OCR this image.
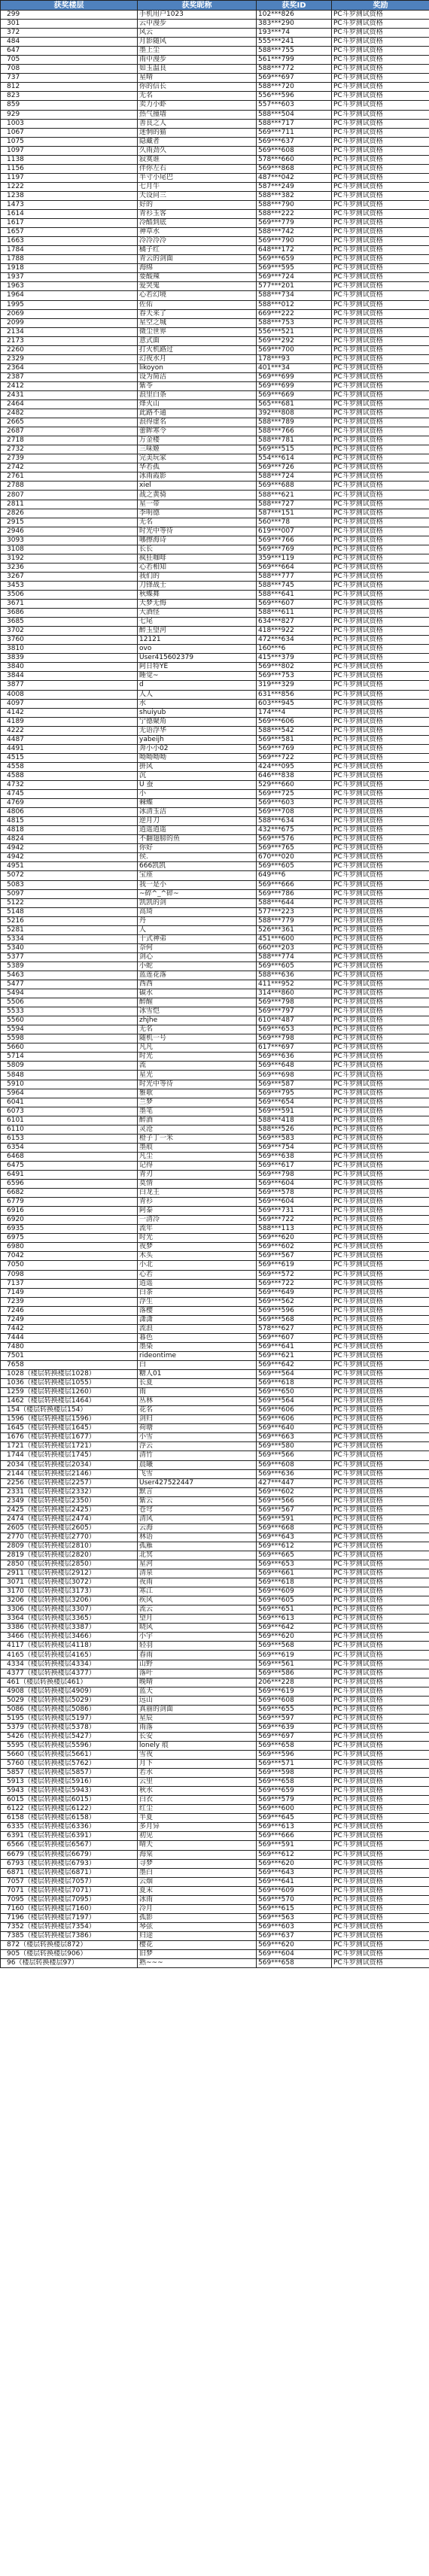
获奖楼层	获奖昵称	获奖ID	奖励
299	手机用户1023	102***826	PC斗罗测试资格
301	云中漫步	383***290	PC斗罗测试资格
372	风云	193***74	PC斗罗测试资格
484	月影随风	555***241	PC斗罗测试资格
647	墨上尘	588***755	PC斗罗测试资格
705	雨中漫步	561***799	PC斗罗测试资格
708	如玉温良	588***772	PC斗罗测试资格
737	星晴	569***697	PC斗罗测试资格
812	你的信长	588***720	PC斗罗测试资格
823	无名	556***596	PC斗罗测试资格
859	卖力小虾	557***603	PC斗罗测试资格
929	热气撞墙	588***504	PC斗罗测试资格
1003	善良之人	588***717	PC斗罗测试资格
1067	迷惘的猫	569***711	PC斗罗测试资格
1075	隐藏者	569***637	PC斗罗测试资格
1097	久雨劲久	569***608	PC斗罗测试资格
1138	寂寞谁	578***660	PC斗罗测试资格
1156	伴你左右	569***868	PC斗罗测试资格
1197	半寸小尾巴	487***042	PC斗罗测试资格
1222	七月牛	587***249	PC斗罗测试资格
1238	天设问三	588***382	PC斗罗测试资格
1473	好的	588***790	PC斗罗测试资格
1614	青衫玉客	588***222	PC斗罗测试资格
1617	冷酷到底	569***779	PC斗罗测试资格
1657	神草水	588***742	PC斗罗测试资格
1663	冷冷冷冷	569***790	PC斗罗测试资格
1784	橘子红	648***172	PC斗罗测试资格
1788	青云的剑面	569***659	PC斗罗测试资格
1918	海绵	569***595	PC斗罗测试资格
1937	要酸辣	569***724	PC斗罗测试资格
1963	爱哭鬼	577***201	PC斗罗测试资格
1964	心若幻境	588***734	PC斗罗测试资格
1995	佐佑	588***012	PC斗罗测试资格
2069	春天来了	669***222	PC斗罗测试资格
2099	星空之城	588***753	PC斗罗测试资格
2134	微尘世界	556***521	PC斗罗测试资格
2173	意式面	569***292	PC斗罗测试资格
2260	打火机路过	569***700	PC斗罗测试资格
2329	幻夜水月	178***93	PC斗罗测试资格
2364	likoyon	401***34	PC斗罗测试资格
2387	设为简洁	569***699	PC斗罗测试资格
2412	紫苓	569***699	PC斗罗测试资格
2431	浪里白条	569***669	PC斗罗测试资格
2464	烽火山	565***681	PC斗罗测试资格
2482	此路不通	392***808	PC斗罗测试资格
2665	浪得虚名	588***789	PC斗罗测试资格
2687	蕾眸寒令	588***766	PC斗罗测试资格
2718	万金楼	588***781	PC斗罗测试资格
2732	三味姬	569***515	PC斗罗测试资格
2739	完美玩家	554***614	PC斗罗测试资格
2742	华若孤	569***726	PC斗罗测试资格
2761	冰雨霞影	588***724	PC斗罗测试资格
2788	xiel	569***688	PC斗罗测试资格
2807	战之黄骑	588***621	PC斗罗测试资格
2811	星一带	588***727	PC斗罗测试资格
2826	李明德	587***151	PC斗罗测试资格
2915	无名	560***78	PC斗罗测试资格
2946	时光中等待	619***007	PC斗罗测试资格
3093	哪擦海诗	569***766	PC斗罗测试资格
3108	长长	569***769	PC斗罗测试资格
3192	疯狂咖啡	359***119	PC斗罗测试资格
3236	心若相知	569***664	PC斗罗测试资格
3267	我们的	588***777	PC斗罗测试资格
3453	刀锋战士	588***745	PC斗罗测试资格
3506	秋蝶舞	588***641	PC斗罗测试资格
3671	天梦无悔	569***607	PC斗罗测试资格
3686	大酒怪	588***611	PC斗罗测试资格
3685	七尾	634***827	PC斗罗测试资格
3702	醉玉望河	418***922	PC斗罗测试资格
3760	12121	472***634	PC斗罗测试资格
3810	ovo	160***6	PC斗罗测试资格
3839	User415602379	415***379	PC斗罗测试资格
3840	阿日特YE	569***802	PC斗罗测试资格
3844	睡觉~	569***753	PC斗罗测试资格
3877	d	319***329	PC斗罗测试资格
4008	人人	631***856	PC斗罗测试资格
4097	水	603***945	PC斗罗测试资格
4142	shuiyub	174***4	PC斗罗测试资格
4189	宁德聚角	569***606	PC斗罗测试资格
4222	无语浮华	588***542	PC斗罗测试资格
4487	yabeijh	569***581	PC斗罗测试资格
4491	奔小小02	569***769	PC斗罗测试资格
4515	呦呦呦呦	569***722	PC斗罗测试资格
4558	拼风	424***095	PC斗罗测试资格
4588	沉	646***838	PC斗罗测试资格
4732	U 蚕	529***660	PC斗罗测试资格
4745	小	569***725	PC斗罗测试资格
4769	棘蝶	569***603	PC斗罗测试资格
4806	冰清玉洁	569***708	PC斗罗测试资格
4815	逆月刀	588***634	PC斗罗测试资格
4818	逍遥逍遥	432***675	PC斗罗测试资格
4824	不翻翅膀的鱼	569***576	PC斗罗测试资格
4942	你好	569***765	PC斗罗测试资格
4942	侯.	670***020	PC斗罗测试资格
4951	666凯凯	569***605	PC斗罗测试资格
5072	宝座	649***6	PC斗罗测试资格
5083	我一是小	569***666	PC斗罗测试资格
5097	~碎^_^碎~	569***786	PC斗罗测试资格
5122	凯凯的剑	588***644	PC斗罗测试资格
5148	高琦	577***223	PC斗罗测试资格
5216	丹	588***779	PC斗罗测试资格
5281	人	526***361	PC斗罗测试资格
5334	十式神弟	451***600	PC斗罗测试资格
5340	奈何	660***203	PC斗罗测试资格
5377	剑心	588***774	PC斗罗测试资格
5389	小蛇	569***605	PC斗罗测试资格
5463	蓝莲花落	588***636	PC斗罗测试资格
5477	西西	411***952	PC斗罗测试资格
5494	碳水	314***860	PC斗罗测试资格
5506	醉醒	569***798	PC斗罗测试资格
5533	冰雪恺	569***797	PC斗罗测试资格
5560	zhjhe	610***487	PC斗罗测试资格
5594	无名	569***653	PC斗罗测试资格
5598	随机一号	569***798	PC斗罗测试资格
5660	凡凡	617***697	PC斗罗测试资格
5714	时光	569***636	PC斗罗测试资格
5809	流	569***648	PC斗罗测试资格
5848	星光	569***698	PC斗罗测试资格
5910	时光中等待	569***587	PC斗罗测试资格
5964	雅歌	569***795	PC斗罗测试资格
6041	兰梦	569***654	PC斗罗测试资格
6073	墨笔	569***591	PC斗罗测试资格
6101	醉酒	588***418	PC斗罗测试资格
6110	灵沧	588***526	PC斗罗测试资格
6153	橙子丁一米	569***583	PC斗罗测试资格
6354	墨痕	569***754	PC斗罗测试资格
6468	凡尘	569***638	PC斗罗测试资格
6475	记得	569***617	PC斗罗测试资格
6491	青刃	569***798	PC斗罗测试资格
6596	莫情	569***604	PC斗罗测试资格
6682	白龙王	569***578	PC斗罗测试资格
6779	青衫	569***604	PC斗罗测试资格
6916	阿泰	569***731	PC斗罗测试资格
6920	一清冷	569***722	PC斗罗测试资格
6935	流年	588***113	PC斗罗测试资格
6975	时光	569***620	PC斗罗测试资格
6980	夜梦	569***602	PC斗罗测试资格
7042	木头	569***567	PC斗罗测试资格
7050	小北	569***619	PC斗罗测试资格
7098	心若	569***572	PC斗罗测试资格
7137	逍遥	569***722	PC斗罗测试资格
7149	白茶	569***649	PC斗罗测试资格
7239	浮生	569***562	PC斗罗测试资格
7246	落樱	569***596	PC斗罗测试资格
7249	潇潇	569***568	PC斗罗测试资格
7442	流浪	578***627	PC斗罗测试资格
7444	暮色	569***607	PC斗罗测试资格
7480	墨染	569***641	PC斗罗测试资格
7501	rideontime	569***621	PC斗罗测试资格
7658	白	569***642	PC斗罗测试资格
1028（楼层转换楼层1028）	糖人01	569***564	PC斗罗测试资格
1036（楼层转换楼层1055）	长夏	569***618	PC斗罗测试资格
1259（楼层转换楼层1260）	雨	569***650	PC斗罗测试资格
1462（楼层转换楼层1464）	丛林	569***564	PC斗罗测试资格
154（楼层转换楼层154）	花名	569***606	PC斗罗测试资格
1596（楼层转换楼层1596）	剑归	569***606	PC斗罗测试资格
1645（楼层转换楼层1645）	荷塘	569***640	PC斗罗测试资格
1676（楼层转换楼层1677）	小雪	569***663	PC斗罗测试资格
1721（楼层转换楼层1721）	浮云	569***580	PC斗罗测试资格
1744（楼层转换楼层1745）	清竹	569***566	PC斗罗测试资格
2034（楼层转换楼层2034）	晨曦	569***608	PC斗罗测试资格
2144（楼层转换楼层2146）	飞雪	569***636	PC斗罗测试资格
2256（楼层转换楼层2257）	User427522447	427***447	PC斗罗测试资格
2331（楼层转换楼层2332）	默言	569***602	PC斗罗测试资格
2349（楼层转换楼层2350）	紫云	569***566	PC斗罗测试资格
2425（楼层转换楼层2425）	苍穹	569***567	PC斗罗测试资格
2474（楼层转换楼层2474）	清风	569***591	PC斗罗测试资格
2605（楼层转换楼层2605）	云海	569***668	PC斗罗测试资格
2770（楼层转换楼层2770）	林语	569***643	PC斗罗测试资格
2809（楼层转换楼层2810）	孤雁	569***612	PC斗罗测试资格
2819（楼层转换楼层2820）	北冥	569***665	PC斗罗测试资格
2850（楼层转换楼层2850）	星河	569***653	PC斗罗测试资格
2911（楼层转换楼层2912）	清泉	569***661	PC斗罗测试资格
3071（楼层转换楼层3072）	夜雨	569***618	PC斗罗测试资格
3170（楼层转换楼层3173）	寒江	569***609	PC斗罗测试资格
3206（楼层转换楼层3206）	疾风	569***605	PC斗罗测试资格
3306（楼层转换楼层3307）	流云	569***651	PC斗罗测试资格
3364（楼层转换楼层3365）	望月	569***613	PC斗罗测试资格
3386（楼层转换楼层3387）	晓风	569***642	PC斗罗测试资格
3466（楼层转换楼层3466）	小宇	569***620	PC斗罗测试资格
4117（楼层转换楼层4118）	轻羽	569***568	PC斗罗测试资格
4165（楼层转换楼层4165）	春雨	569***619	PC斗罗测试资格
4334（楼层转换楼层4334）	山野	569***561	PC斗罗测试资格
4377（楼层转换楼层4377）	落叶	569***586	PC斗罗测试资格
461（楼层转换楼层461）	晚晴	206***228	PC斗罗测试资格
4908（楼层转换楼层4909）	蓝天	569***619	PC斗罗测试资格
5029（楼层转换楼层5029）	远山	569***608	PC斗罗测试资格
5086（楼层转换楼层5086）	真丽的剑面	569***655	PC斗罗测试资格
5195（楼层转换楼层5197）	星辰	569***597	PC斗罗测试资格
5379（楼层转换楼层5378）	雨落	569***639	PC斗罗测试资格
5426（楼层转换楼层5427）	长安	569***697	PC斗罗测试资格
5595（楼层转换楼层5596）	lonely 痕	569***658	PC斗罗测试资格
5660（楼层转换楼层5661）	雪夜	569***596	PC斗罗测试资格
5760（楼层转换楼层5762）	月下	569***571	PC斗罗测试资格
5857（楼层转换楼层5857）	若水	569***598	PC斗罗测试资格
5913（楼层转换楼层5916）	云里	569***658	PC斗罗测试资格
5943（楼层转换楼层5943）	秋水	569***659	PC斗罗测试资格
6015（楼层转换楼层6015）	白衣	569***579	PC斗罗测试资格
6122（楼层转换楼层6122）	红尘	569***600	PC斗罗测试资格
6158（楼层转换楼层6158）	半夏	569***645	PC斗罗测试资格
6335（楼层转换楼层6336）	多月异	569***613	PC斗罗测试资格
6391（楼层转换楼层6391）	初见	569***666	PC斗罗测试资格
6566（楼层转换楼层6567）	晴天	569***591	PC斗罗测试资格
6679（楼层转换楼层6679）	海棠	569***612	PC斗罗测试资格
6793（楼层转换楼层6793）	寻梦	569***620	PC斗罗测试资格
6871（楼层转换楼层6871）	墨白	569***643	PC斗罗测试资格
7057（楼层转换楼层7057）	云烟	569***641	PC斗罗测试资格
7071（楼层转换楼层7071）	夏末	569***609	PC斗罗测试资格
7095（楼层转换楼层7095）	冰雨	569***570	PC斗罗测试资格
7160（楼层转换楼层7160）	冷月	569***615	PC斗罗测试资格
7196（楼层转换楼层7197）	孤影	569***563	PC斗罗测试资格
7352（楼层转换楼层7354）	琴弦	569***603	PC斗罗测试资格
7385（楼层转换楼层7386）	归途	569***637	PC斗罗测试资格
872（楼层转换楼层872）	樱花	569***620	PC斗罗测试资格
905（楼层转换楼层906）	旧梦	569***604	PC斗罗测试资格
96（楼层转换楼层97）	熟~~~	569***658	PC斗罗测试资格
